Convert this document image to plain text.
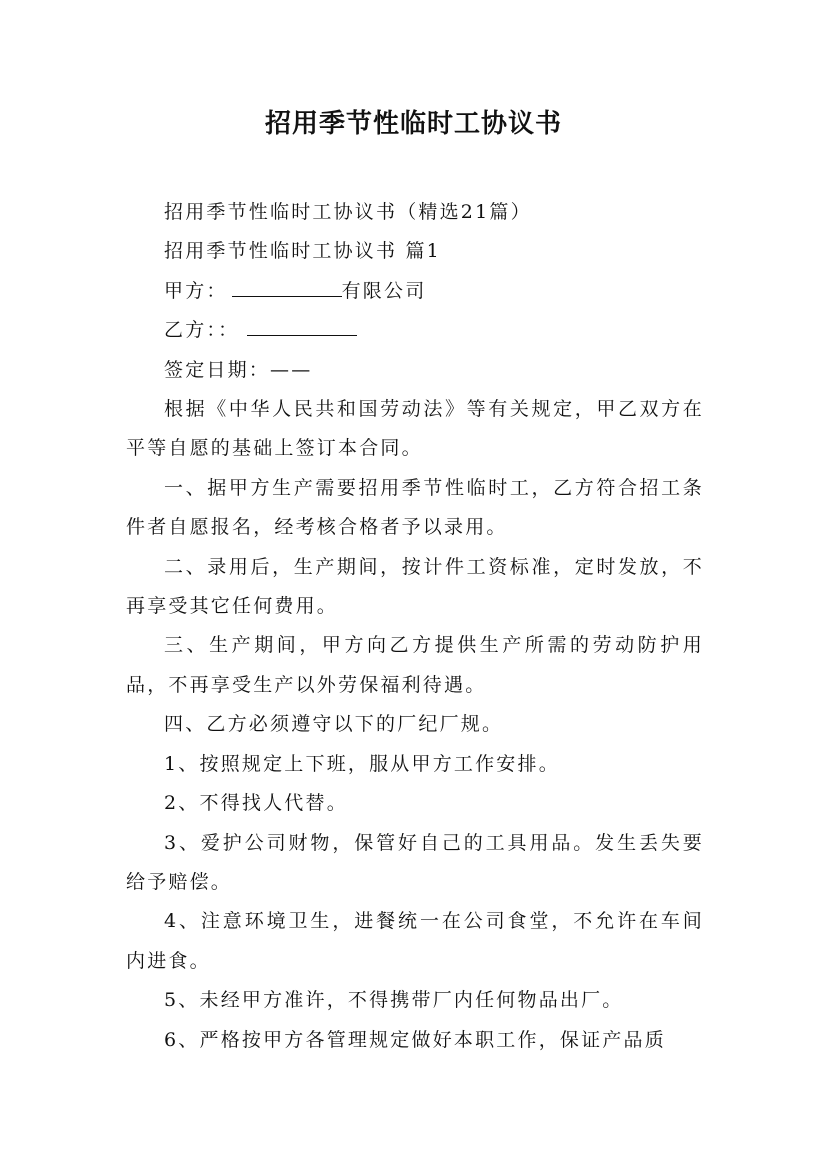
招用季节性临时工协议书

招用季节性临时工协议书（精选21篇）

招用季节性临时工协议书 篇1

甲方：	有限公司

乙方：：

签定日期：——

根据《中华人民共和国劳动法》等有关规定，甲乙双方在平等自愿的基础上签订本合同。

一、据甲方生产需要招用季节性临时工，乙方符合招工条件者自愿报名，经考核合格者予以录用。

二、录用后，生产期间，按计件工资标准，定时发放，不再享受其它任何费用。

三、生产期间，甲方向乙方提供生产所需的劳动防护用品，不再享受生产以外劳保福利待遇。

四、乙方必须遵守以下的厂纪厂规。

1、按照规定上下班，服从甲方工作安排。

2、不得找人代替。

3、爱护公司财物，保管好自己的工具用品。发生丢失要给予赔偿。

4、注意环境卫生，进餐统一在公司食堂，不允许在车间内进食。

5、未经甲方准许，不得携带厂内任何物品出厂。

6、严格按甲方各管理规定做好本职工作，保证产品质
